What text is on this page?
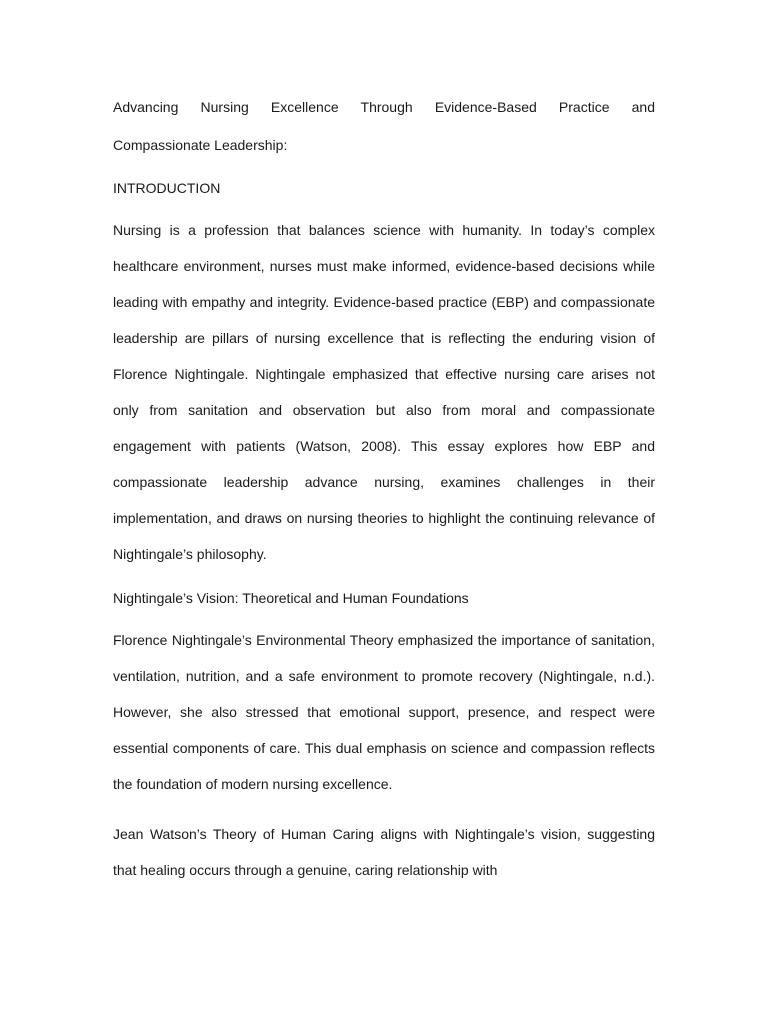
Advancing Nursing Excellence Through Evidence-Based Practice and
Compassionate Leadership:
INTRODUCTION

Nursing is a profession that balances science with humanity. In today’s complex healthcare environment, nurses must make informed, evidence-based decisions while leading with empathy and integrity. Evidence-based practice (EBP) and compassionate leadership are pillars of nursing excellence that is reflecting the enduring vision of Florence Nightingale. Nightingale emphasized that effective nursing care arises not only from sanitation and observation but also from moral and compassionate engagement with patients (Watson, 2008). This essay explores how EBP and compassionate leadership advance nursing, examines challenges in their implementation, and draws on nursing theories to highlight the continuing relevance of Nightingale’s philosophy.

Nightingale’s Vision: Theoretical and Human Foundations

Florence Nightingale’s Environmental Theory emphasized the importance of sanitation, ventilation, nutrition, and a safe environment to promote recovery (Nightingale, n.d.). However, she also stressed that emotional support, presence, and respect were essential components of care. This dual emphasis on science and compassion reflects the foundation of modern nursing excellence.

Jean Watson’s Theory of Human Caring aligns with Nightingale’s vision, suggesting that healing occurs through a genuine, caring relationship with
